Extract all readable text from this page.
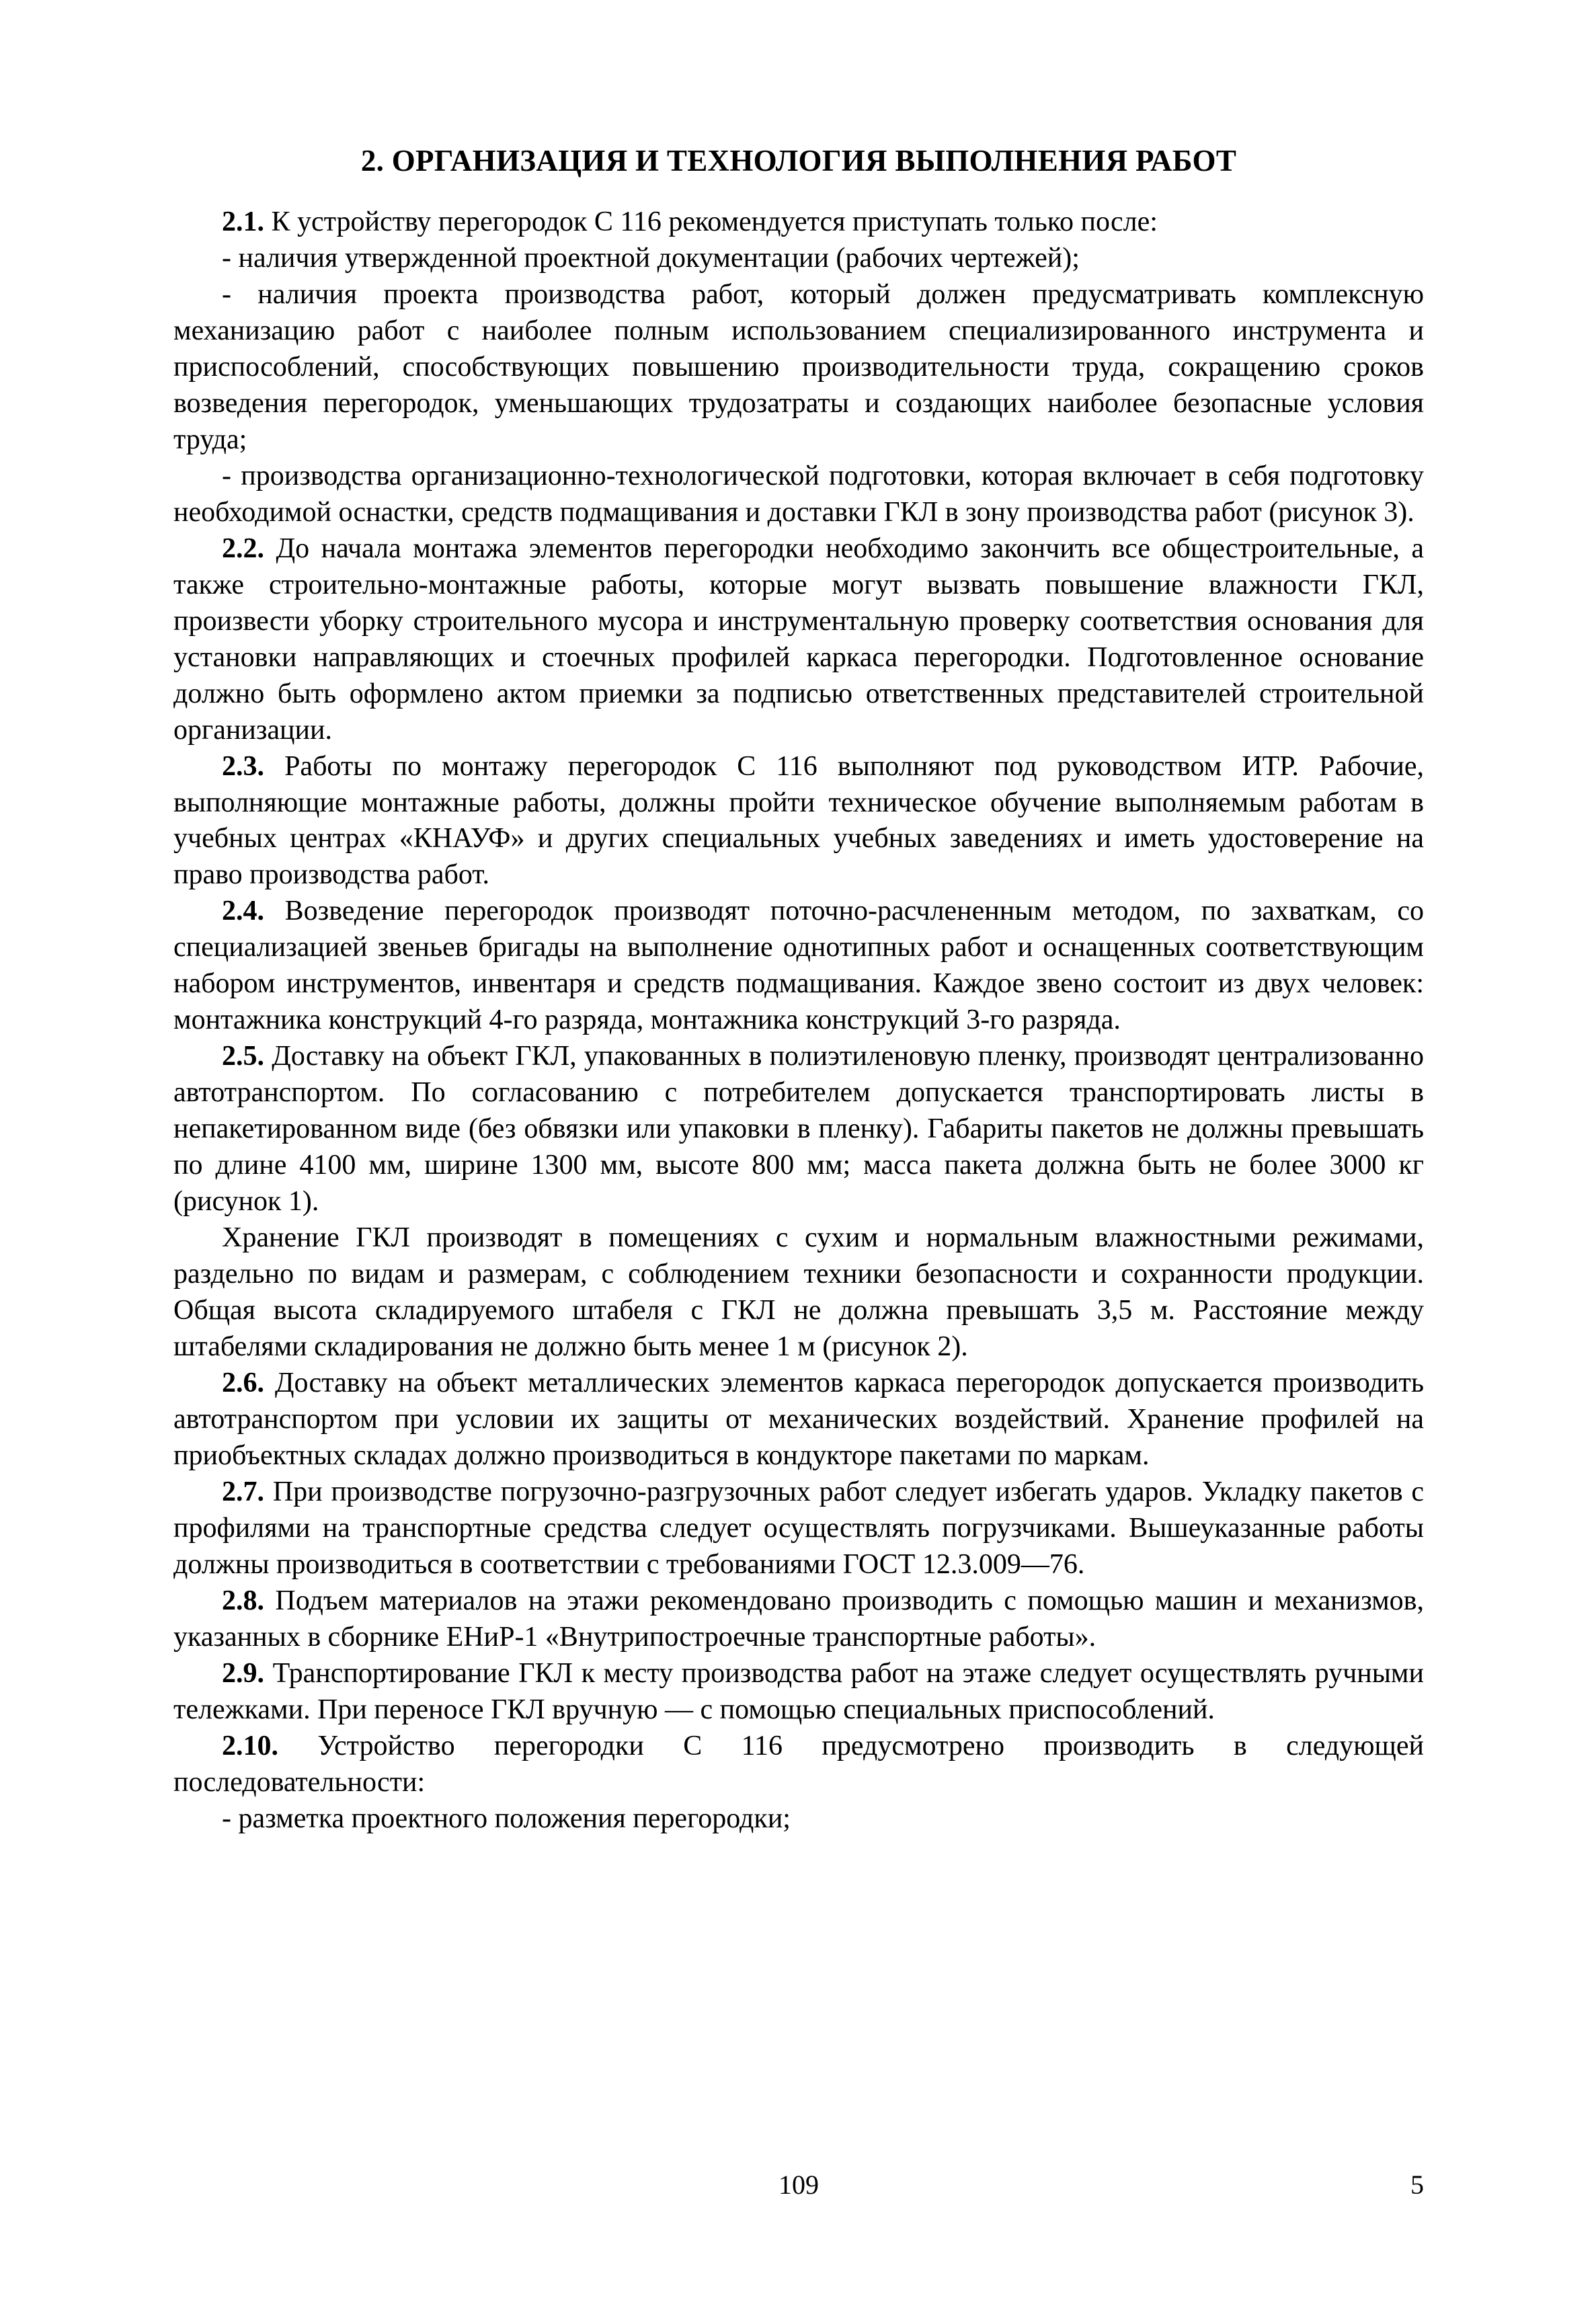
2. ОРГАНИЗАЦИЯ И ТЕХНОЛОГИЯ ВЫПОЛНЕНИЯ РАБОТ

2.1. К устройству перегородок С 116 рекомендуется приступать только после:

- наличия утвержденной проектной документации (рабочих чертежей);

- наличия проекта производства работ, который должен предусматривать комплексную механизацию работ с наиболее полным использованием специализированного инструмента и приспособлений, способствующих повышению производительности труда, сокращению сроков возведения перегородок, уменьшающих трудозатраты и создающих наиболее безопасные условия труда;

- производства организационно-технологической подготовки, которая включает в себя подготовку необходимой оснастки, средств подмащивания и доставки ГКЛ в зону производства работ (рисунок 3).

2.2. До начала монтажа элементов перегородки необходимо закончить все общестроительные, а также строительно-монтажные работы, которые могут вызвать повышение влажности ГКЛ, произвести уборку строительного мусора и инструментальную проверку соответствия основания для установки направляющих и стоечных профилей каркаса перегородки. Подготовленное основание должно быть оформлено актом приемки за подписью ответственных представителей строительной организации.

2.3. Работы по монтажу перегородок С 116 выполняют под руководством ИТР. Рабочие, выполняющие монтажные работы, должны пройти техническое обучение выполняемым работам в учебных центрах «КНАУФ» и других специальных учебных заведениях и иметь удостоверение на право производства работ.

2.4. Возведение перегородок производят поточно-расчлененным методом, по захваткам, со специализацией звеньев бригады на выполнение однотипных работ и оснащенных соответствующим набором инструментов, инвентаря и средств подмащивания. Каждое звено состоит из двух человек: монтажника конструкций 4-го разряда, монтажника конструкций 3-го разряда.

2.5. Доставку на объект ГКЛ, упакованных в полиэтиленовую пленку, производят централизованно автотранспортом. По согласованию с потребителем допускается транспортировать листы в непакетированном виде (без обвязки или упаковки в пленку). Габариты пакетов не должны превышать по длине 4100 мм, ширине 1300 мм, высоте 800 мм; масса пакета должна быть не более 3000 кг (рисунок 1).

Хранение ГКЛ производят в помещениях с сухим и нормальным влажностными режимами, раздельно по видам и размерам, с соблюдением техники безопасности и сохранности продукции. Общая высота складируемого штабеля с ГКЛ не должна превышать 3,5 м. Расстояние между штабелями складирования не должно быть менее 1 м (рисунок 2).

2.6. Доставку на объект металлических элементов каркаса перегородок допускается производить автотранспортом при условии их защиты от механических воздействий. Хранение профилей на приобъектных складах должно производиться в кондукторе пакетами по маркам.

2.7. При производстве погрузочно-разгрузочных работ следует избегать ударов. Укладку пакетов с профилями на транспортные средства следует осуществлять погрузчиками. Вышеуказанные работы должны производиться в соответствии с требованиями ГОСТ 12.3.009—76.

2.8. Подъем материалов на этажи рекомендовано производить с помощью машин и механизмов, указанных в сборнике ЕНиР-1 «Внутрипостроечные транспортные работы».

2.9. Транспортирование ГКЛ к месту производства работ на этаже следует осуществлять ручными тележками. При переносе ГКЛ вручную — с помощью специальных приспособлений.

2.10. Устройство перегородки С 116 предусмотрено производить в следующей последовательности:

- разметка проектного положения перегородки;

109	5
